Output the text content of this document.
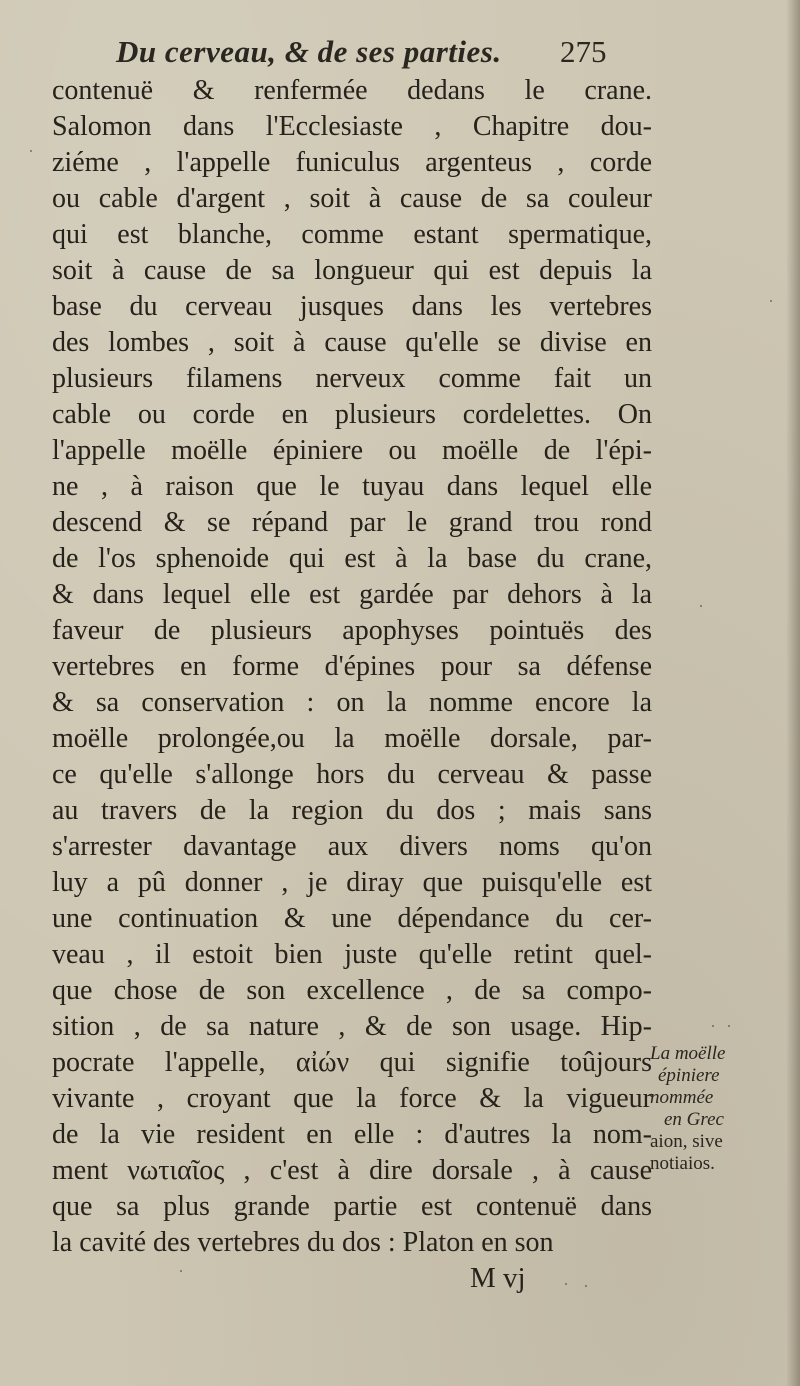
Du cerveau, & de ses parties. 275
contenuë & renfermée dedans le crane.
Salomon dans l'Ecclesiaste , Chapitre dou-
ziéme , l'appelle funiculus argenteus , corde
ou cable d'argent , soit à cause de sa couleur
qui est blanche, comme estant spermatique,
soit à cause de sa longueur qui est depuis la
base du cerveau jusques dans les vertebres
des lombes , soit à cause qu'elle se divise en
plusieurs filamens nerveux comme fait un
cable ou corde en plusieurs cordelettes. On
l'appelle moëlle épiniere ou moëlle de l'épi-
ne , à raison que le tuyau dans lequel elle
descend & se répand par le grand trou rond
de l'os sphenoide qui est à la base du crane,
& dans lequel elle est gardée par dehors à la
faveur de plusieurs apophyses pointuës des
vertebres en forme d'épines pour sa défense
& sa conservation : on la nomme encore la
moëlle prolongée,ou la moëlle dorsale, par-
ce qu'elle s'allonge hors du cerveau & passe
au travers de la region du dos ; mais sans
s'arrester davantage aux divers noms qu'on
luy a pû donner , je diray que puisqu'elle est
une continuation & une dépendance du cer-
veau , il estoit bien juste qu'elle retint quel-
que chose de son excellence , de sa compo-
sition , de sa nature , & de son usage. Hip-
pocrate l'appelle, αἰών qui signifie toûjours
vivante , croyant que la force & la vigueur
de la vie resident en elle : d'autres la nom-
ment νωτιαῖος , c'est à dire dorsale , à cause
que sa plus grande partie est contenuë dans
la cavité des vertebres du dos : Platon en son
La moëlle
épiniere
nommée
en Grec
aion, sive
notiaios.
M vj
